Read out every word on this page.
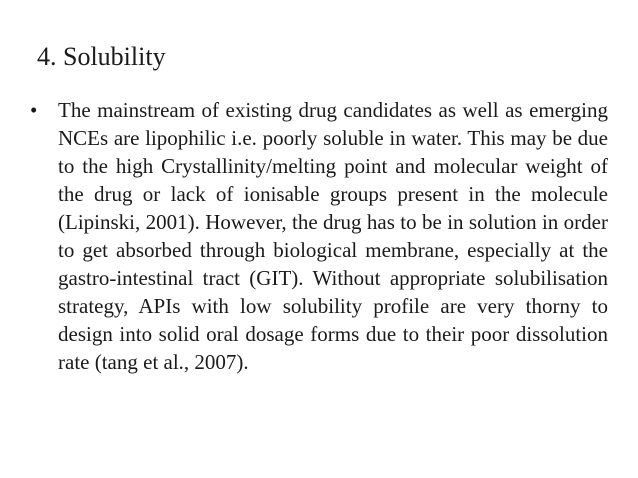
4. Solubility
• The mainstream of existing drug candidates as well as emerging NCEs are lipophilic i.e. poorly soluble in water. This may be due to the high Crystallinity/melting point and molecular weight of the drug or lack of ionisable groups present in the molecule (Lipinski, 2001). However, the drug has to be in solution in order to get absorbed through biological membrane, especially at the gastro-intestinal tract (GIT). Without appropriate solubilisation strategy, APIs with low solubility profile are very thorny to design into solid oral dosage forms due to their poor dissolution rate (tang et al., 2007).
